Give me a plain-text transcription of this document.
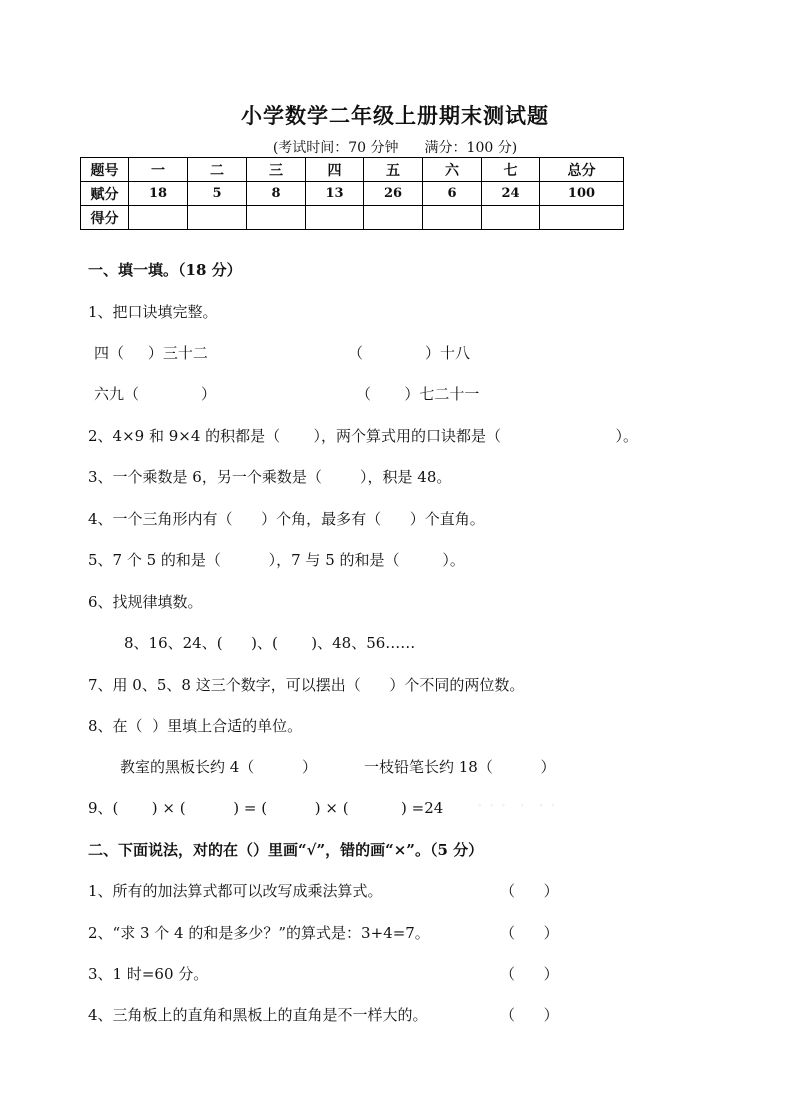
小学数学二年级上册期末测试题
(考试时间：70 分钟 满分：100 分)
题号	一	二	三	四	五	六	七	总分
赋分	18	5	8	13	26	6	24	100
得分								
一、填一填。（18 分）
1、把口诀填完整。
四（     ）三十二	（             ）十八
六九（             ）	（       ）七二十一
2、4×9 和 9×4 的积都是（       ），两个算式用的口诀都是（                        ）。
3、一个乘数是 6，另一个乘数是（        ），积是 48。
4、一个三角形内有（      ）个角，最多有（      ）个直角。
5、7 个 5 的和是（          ），7 与 5 的和是（         ）。
6、找规律填数。
8、16、24、(      )、(       )、48、56……
7、用 0、5、8 这三个数字，可以摆出（      ）个不同的两位数。
8、在（  ）里填上合适的单位。
教室的黑板长约 4（          ）	一枝铅笔长约 18（          ）
9、(       ) × (          ) = (          ) × (           ) =24	ﾟ  ﾞ  ﾞ    ﾟ    ﾞ  ﾞ
二、下面说法，对的在（）里画“√”，错的画“×”。（5 分）
1、所有的加法算式都可以改写成乘法算式。	（      ）
2、“求 3 个 4 的和是多少？”的算式是：3+4=7。	（      ）
3、1 时=60 分。	（      ）
4、三角板上的直角和黑板上的直角是不一样大的。	（      ）
